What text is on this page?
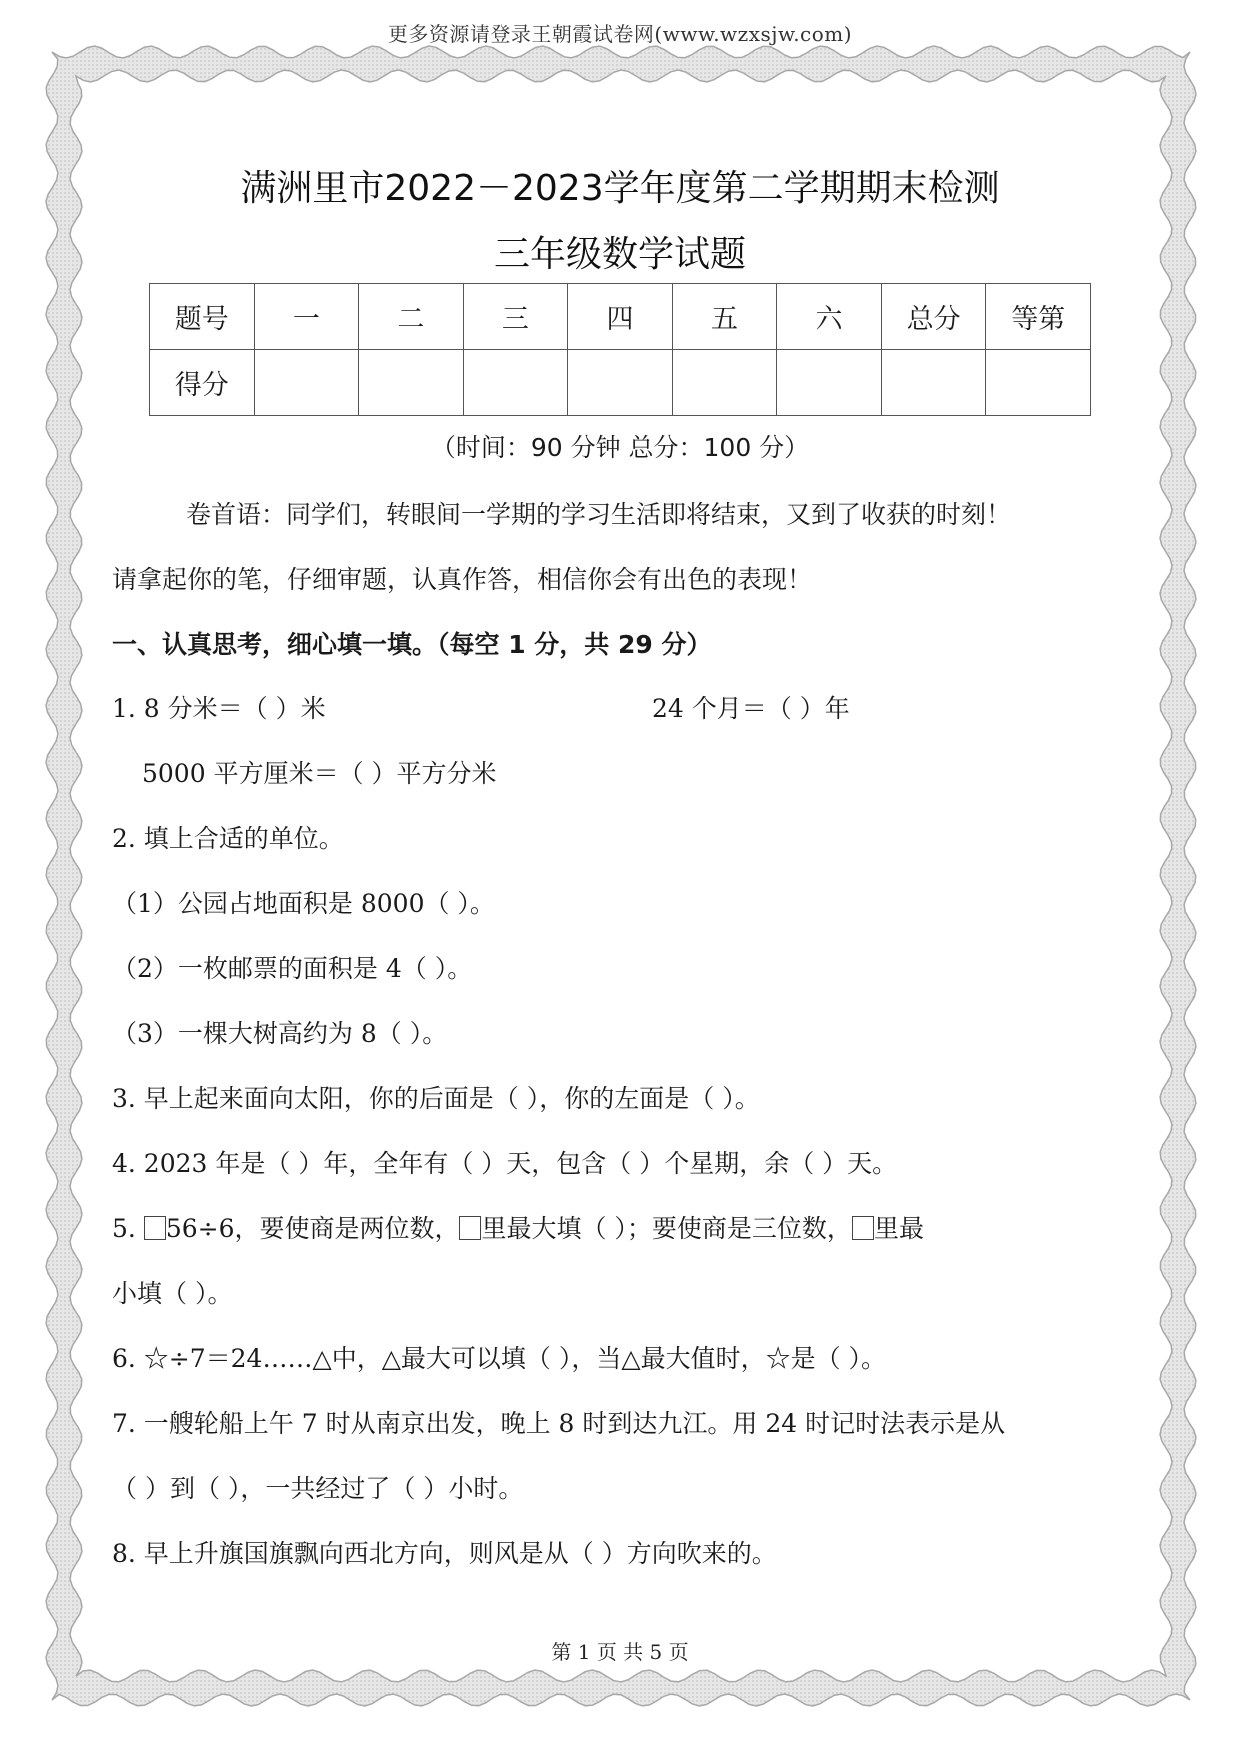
更多资源请登录王朝霞试卷网(www.wzxsjw.com)
满洲里市2022－2023学年度第二学期期末检测
三年级数学试题
题号	一	二	三	四	五	六	总分	等第
得分								
（时间：90 分钟 总分：100 分）
卷首语：同学们，转眼间一学期的学习生活即将结束，又到了收获的时刻！
请拿起你的笔，仔细审题，认真作答，相信你会有出色的表现！
一、认真思考，细心填一填。（每空 1 分，共 29 分）
1. 8 分米＝（ ）米	24 个月＝（ ）年
5000 平方厘米＝（ ）平方分米
2. 填上合适的单位。
（1）公园占地面积是 8000（ ）。
（2）一枚邮票的面积是 4（ ）。
（3）一棵大树高约为 8（ ）。
3. 早上起来面向太阳，你的后面是（ ），你的左面是（ ）。
4. 2023 年是（ ）年，全年有（ ）天，包含（ ）个星期，余（ ）天。
5. 56÷6，要使商是两位数， 里最大填（ ）；要使商是三位数， 里最
小填（ ）。
6. ☆÷7＝24……△中，△最大可以填（ ），当△最大值时，☆是（ ）。
7. 一艘轮船上午 7 时从南京出发，晚上 8 时到达九江。用 24 时记时法表示是从
（ ）到（ ），一共经过了（ ）小时。
8. 早上升旗国旗飘向西北方向，则风是从（ ）方向吹来的。
第 1 页 共 5 页
